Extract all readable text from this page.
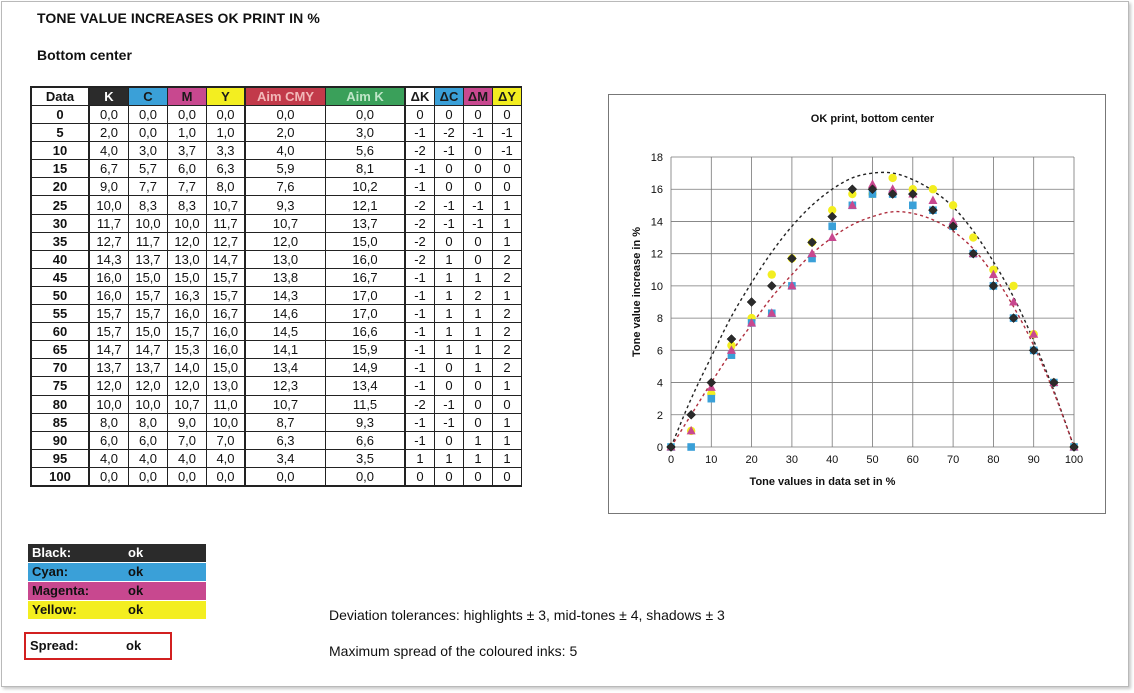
TONE VALUE INCREASES OK PRINT IN %
Bottom center
Data	K	C	M	Y	Aim CMY	Aim K	ΔK	ΔC	ΔM	ΔY
0	0,0	0,0	0,0	0,0	0,0	0,0	0	0	0	0
5	2,0	0,0	1,0	1,0	2,0	3,0	-1	-2	-1	-1
10	4,0	3,0	3,7	3,3	4,0	5,6	-2	-1	0	-1
15	6,7	5,7	6,0	6,3	5,9	8,1	-1	0	0	0
20	9,0	7,7	7,7	8,0	7,6	10,2	-1	0	0	0
25	10,0	8,3	8,3	10,7	9,3	12,1	-2	-1	-1	1
30	11,7	10,0	10,0	11,7	10,7	13,7	-2	-1	-1	1
35	12,7	11,7	12,0	12,7	12,0	15,0	-2	0	0	1
40	14,3	13,7	13,0	14,7	13,0	16,0	-2	1	0	2
45	16,0	15,0	15,0	15,7	13,8	16,7	-1	1	1	2
50	16,0	15,7	16,3	15,7	14,3	17,0	-1	1	2	1
55	15,7	15,7	16,0	16,7	14,6	17,0	-1	1	1	2
60	15,7	15,0	15,7	16,0	14,5	16,6	-1	1	1	2
65	14,7	14,7	15,3	16,0	14,1	15,9	-1	1	1	2
70	13,7	13,7	14,0	15,0	13,4	14,9	-1	0	1	2
75	12,0	12,0	12,0	13,0	12,3	13,4	-1	0	0	1
80	10,0	10,0	10,7	11,0	10,7	11,5	-2	-1	0	0
85	8,0	8,0	9,0	10,0	8,7	9,3	-1	-1	0	1
90	6,0	6,0	7,0	7,0	6,3	6,6	-1	0	1	1
95	4,0	4,0	4,0	4,0	3,4	3,5	1	1	1	1
100	0,0	0,0	0,0	0,0	0,0	0,0	0	0	0	0
OK print, bottom center
0	10	20	30	40	50	60	70	80	90 100
0
2
4
6
8
10
12
14
16
18
Tone values in data set in %
Tone value increase in %
Black:	ok
Cyan:	ok
Magenta:	ok
Yellow:	ok
Spread:	ok
Deviation tolerances: highlights ± 3, mid-tones ± 4, shadows ± 3
Maximum spread of the coloured inks: 5
